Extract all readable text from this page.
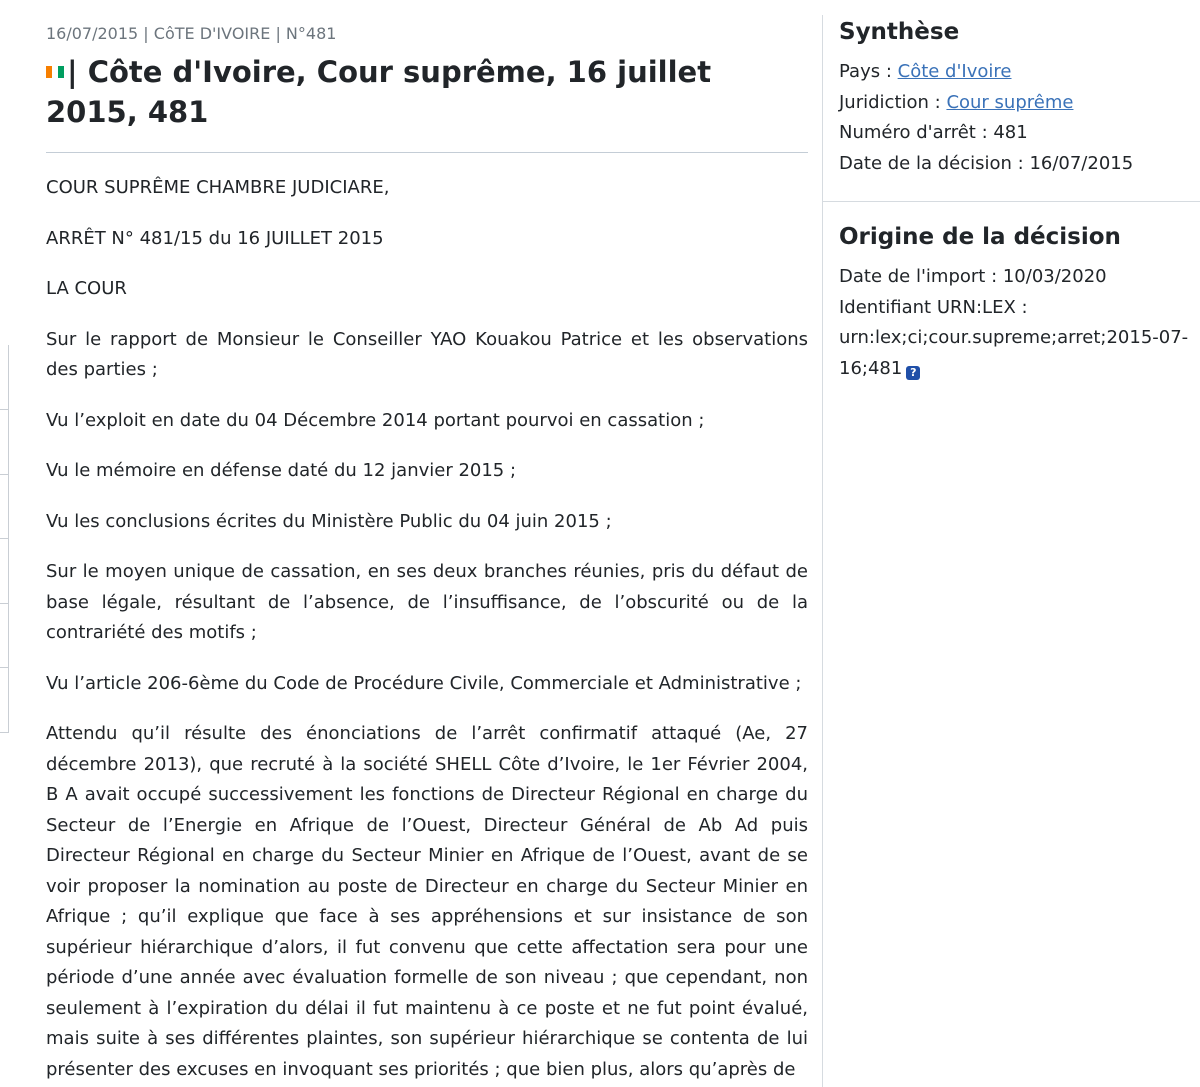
16/07/2015 | CôTE D'IVOIRE | N°481
| Côte d'Ivoire, Cour suprême, 16 juillet 2015, 481

COUR SUPRÊME CHAMBRE JUDICIARE,

ARRÊT N° 481/15 du 16 JUILLET 2015

LA COUR

Sur le rapport de Monsieur le Conseiller YAO Kouakou Patrice et les observations des parties ;

Vu l’exploit en date du 04 Décembre 2014 portant pourvoi en cassation ;

Vu le mémoire en défense daté du 12 janvier 2015 ;

Vu les conclusions écrites du Ministère Public du 04 juin 2015 ;

Sur le moyen unique de cassation, en ses deux branches réunies, pris du défaut de base légale, résultant de l’absence, de l’insuffisance, de l’obscurité ou de la contrariété des motifs ;

Vu l’article 206-6ème du Code de Procédure Civile, Commerciale et Administrative ;

Attendu qu’il résulte des énonciations de l’arrêt confirmatif attaqué (Ae, 27 décembre 2013), que recruté à la société SHELL Côte d’Ivoire, le 1er Février 2004, B A avait occupé successivement les fonctions de Directeur Régional en charge du Secteur de l’Energie en Afrique de l’Ouest, Directeur Général de Ab Ad puis Directeur Régional en charge du Secteur Minier en Afrique de l’Ouest, avant de se voir proposer la nomination au poste de Directeur en charge du Secteur Minier en Afrique ; qu’il explique que face à ses appréhensions et sur insistance de son supérieur hiérarchique d’alors, il fut convenu que cette affectation sera pour une période d’une année avec évaluation formelle de son niveau ; que cependant, non seulement à l’expiration du délai il fut maintenu à ce poste et ne fut point évalué, mais suite à ses différentes plaintes, son supérieur hiérarchique se contenta de lui présenter des excuses en invoquant ses priorités ; que bien plus, alors qu’après de

Synthèse
Pays : Côte d'Ivoire
Juridiction : Cour suprême
Numéro d'arrêt : 481
Date de la décision : 16/07/2015
Origine de la décision
Date de l'import : 10/03/2020
Identifiant URN:LEX :
urn:lex;ci;cour.supreme;arret;2015-07-16;481 ?
